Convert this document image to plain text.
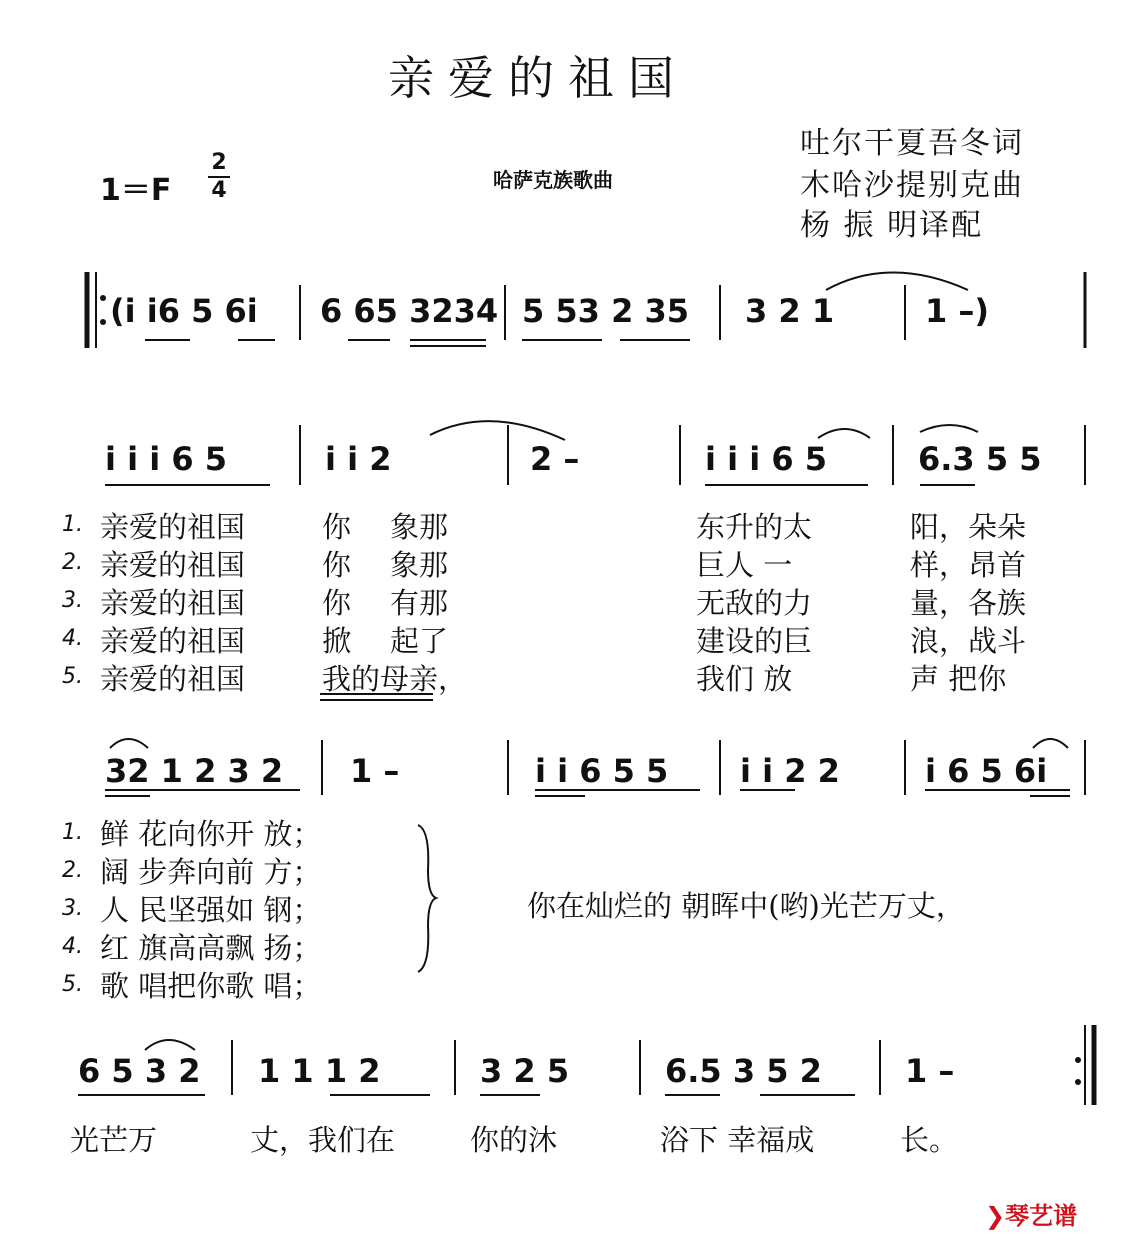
亲爱的祖国
1＝F
2
4	哈萨克族歌曲
吐尔干夏吾冬词
木哈沙提别克曲
杨 振 明译配
(i i6 5 6i 6 65 3234 5 53 2 35 3 2 1	1 –)
i i i 6 5	i i 2	2 –	i i i 6 5	6.3 5 5
1. 亲爱的祖国	你 象那	东升的太	阳，朵朵
2. 亲爱的祖国	你 象那	巨人 一	样，昂首
3. 亲爱的祖国	你 有那	无敌的力	量，各族
4. 亲爱的祖国	掀 起了	建设的巨	浪，战斗
5. 亲爱的祖国	我的母亲，	我们 放	声 把你
32 1 2 3 2 1 –	i i 6 5 5 i i 2 2	i 6 5 6i
1. 鲜 花向你开 放；
2. 阔 步奔向前 方；
3. 人 民坚强如 钢；
4. 红 旗高高飘 扬；
5. 歌 唱把你歌 唱；
你在灿烂的 朝晖中(哟)光芒万丈，
6 5 3 2 1 1 1 2	3 2 5	6.5 3 5 2	1 –
光芒万	丈，我们在	你的沐	浴下 幸福成	长。
❯琴艺谱
